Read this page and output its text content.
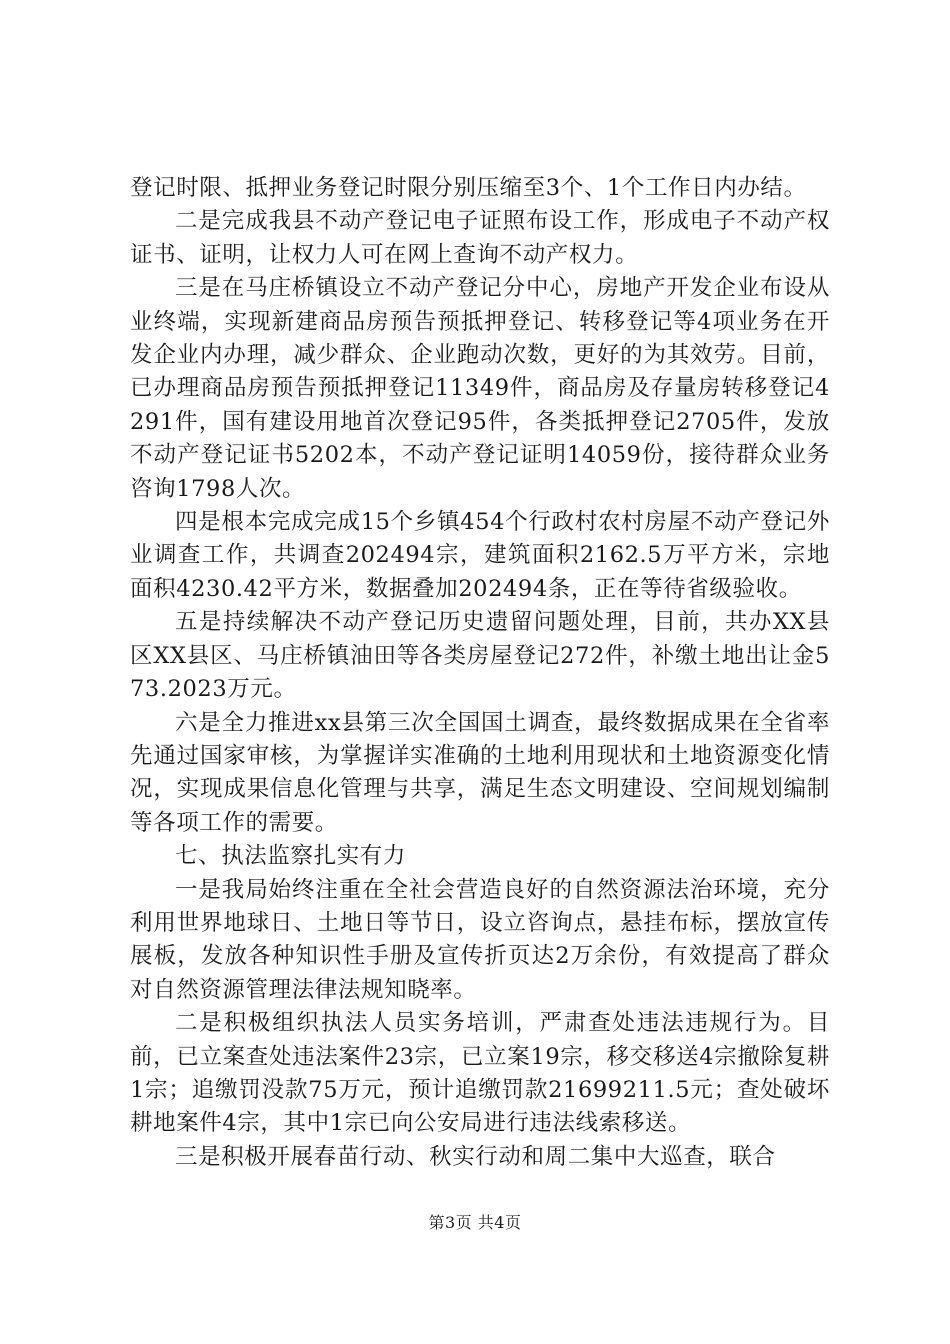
登记时限、抵押业务登记时限分别压缩至3个、1个工作日内办结。

二是完成我县不动产登记电子证照布设工作，形成电子不动产权证书、证明，让权力人可在网上查询不动产权力。

三是在马庄桥镇设立不动产登记分中心，房地产开发企业布设从业终端，实现新建商品房预告预抵押登记、转移登记等4项业务在开发企业内办理，减少群众、企业跑动次数，更好的为其效劳。目前，已办理商品房预告预抵押登记11349件，商品房及存量房转移登记4291件，国有建设用地首次登记95件，各类抵押登记2705件，发放不动产登记证书5202本，不动产登记证明14059份，接待群众业务咨询1798人次。

四是根本完成完成15个乡镇454个行政村农村房屋不动产登记外业调查工作，共调查202494宗，建筑面积2162.5万平方米，宗地面积4230.42平方米，数据叠加202494条，正在等待省级验收。

五是持续解决不动产登记历史遗留问题处理，目前，共办XX县区XX县区、马庄桥镇油田等各类房屋登记272件，补缴土地出让金573.2023万元。

六是全力推进xx县第三次全国国土调查，最终数据成果在全省率先通过国家审核，为掌握详实准确的土地利用现状和土地资源变化情况，实现成果信息化管理与共享，满足生态文明建设、空间规划编制等各项工作的需要。

七、执法监察扎实有力

一是我局始终注重在全社会营造良好的自然资源法治环境，充分利用世界地球日、土地日等节日，设立咨询点，悬挂布标，摆放宣传展板，发放各种知识性手册及宣传折页达2万余份，有效提高了群众对自然资源管理法律法规知晓率。

二是积极组织执法人员实务培训，严肃查处违法违规行为。目前，已立案查处违法案件23宗，已立案19宗，移交移送4宗撤除复耕1宗；追缴罚没款75万元，预计追缴罚款21699211.5元；查处破坏耕地案件4宗，其中1宗已向公安局进行违法线索移送。

三是积极开展春苗行动、秋实行动和周二集中大巡查，联合

第3页 共4页
